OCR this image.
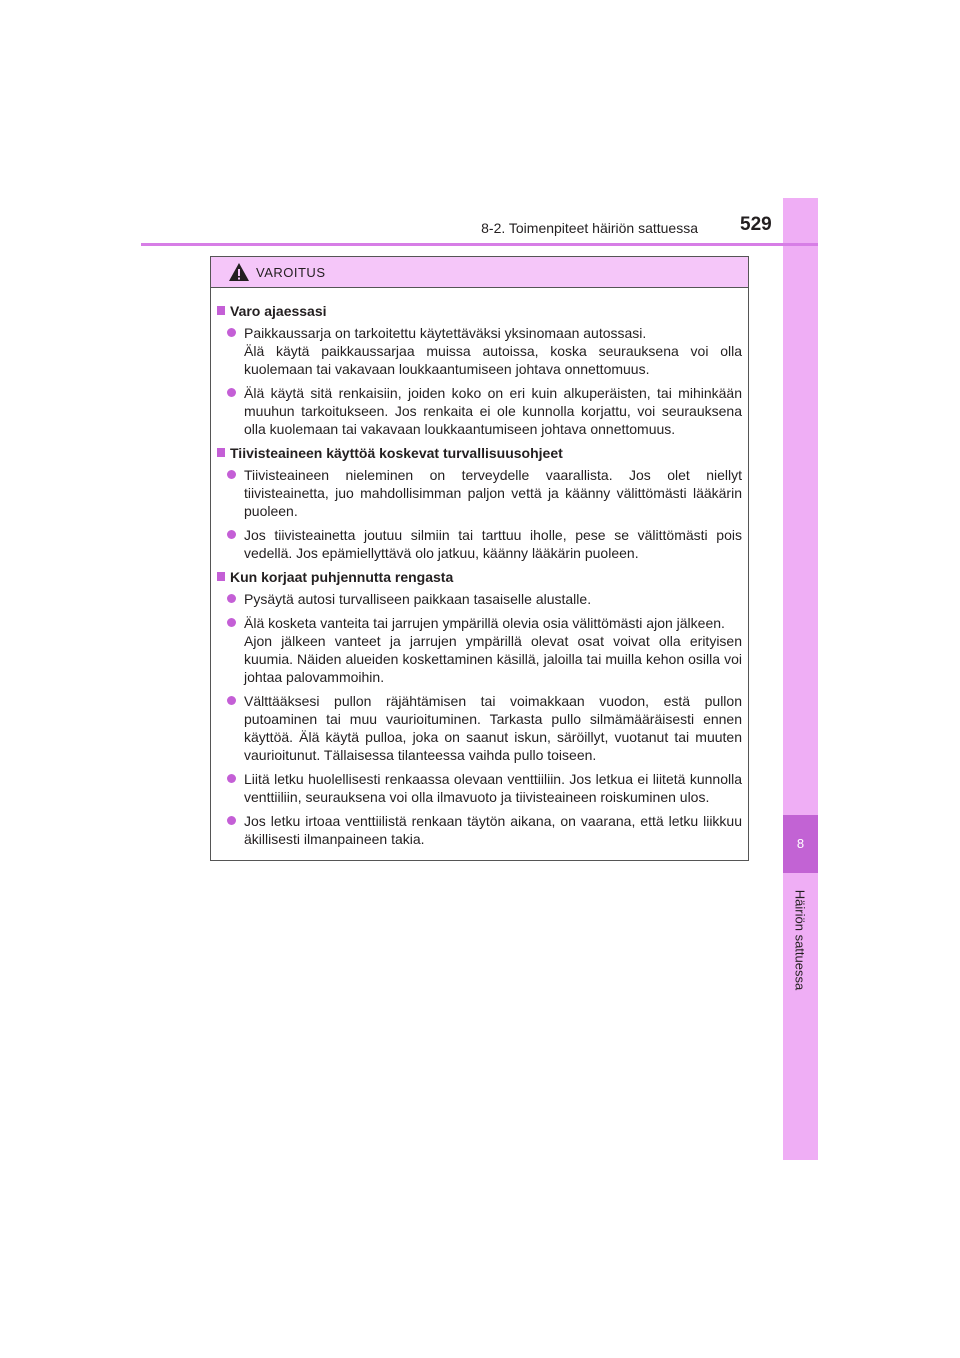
8
Häiriön sattuessa
8-2. Toimenpiteet häiriön sattuessa 529
VAROITUS
Varo ajaessasi
Paikkaussarja on tarkoitettu käytettäväksi yksinomaan autossasi.
Älä käytä paikkaussarjaa muissa autoissa, koska seurauksena voi olla kuolemaan tai vakavaan loukkaantumiseen johtava onnettomuus.
Älä käytä sitä renkaisiin, joiden koko on eri kuin alkuperäisten, tai mihinkään muuhun tarkoitukseen. Jos renkaita ei ole kunnolla korjattu, voi seurauksena olla kuolemaan tai vakavaan loukkaantumiseen johtava onnettomuus.
Tiivisteaineen käyttöä koskevat turvallisuusohjeet
Tiivisteaineen nieleminen on terveydelle vaarallista. Jos olet niellyt tiivisteainetta, juo mahdollisimman paljon vettä ja käänny välittömästi lääkärin puoleen.
Jos tiivisteainetta joutuu silmiin tai tarttuu iholle, pese se välittömästi pois vedellä. Jos epämiellyttävä olo jatkuu, käänny lääkärin puoleen.
Kun korjaat puhjennutta rengasta
Pysäytä autosi turvalliseen paikkaan tasaiselle alustalle.
Älä kosketa vanteita tai jarrujen ympärillä olevia osia välittömästi ajon jälkeen.
Ajon jälkeen vanteet ja jarrujen ympärillä olevat osat voivat olla erityisen kuumia. Näiden alueiden koskettaminen käsillä, jaloilla tai muilla kehon osilla voi johtaa palovammoihin.
Välttääksesi pullon räjähtämisen tai voimakkaan vuodon, estä pullon putoaminen tai muu vaurioituminen. Tarkasta pullo silmämääräisesti ennen käyttöä. Älä käytä pulloa, joka on saanut iskun, säröillyt, vuotanut tai muuten vaurioitunut. Tällaisessa tilanteessa vaihda pullo toiseen.
Liitä letku huolellisesti renkaassa olevaan venttiiliin. Jos letkua ei liitetä kunnolla venttiiliin, seurauksena voi olla ilmavuoto ja tiivisteaineen roiskuminen ulos.
Jos letku irtoaa venttiilistä renkaan täytön aikana, on vaarana, että letku liikkuu äkillisesti ilmanpaineen takia.
